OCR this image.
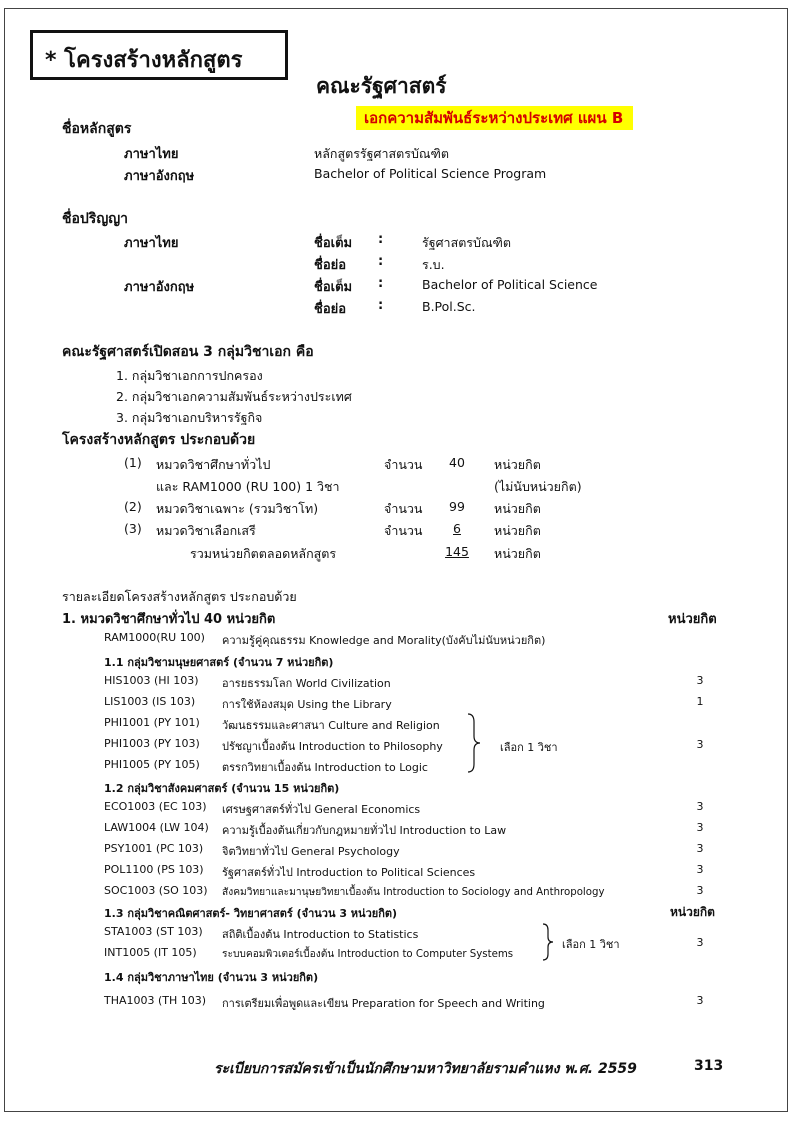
* โครงสร้างหลักสูตร
คณะรัฐศาสตร์
เอกความสัมพันธ์ระหว่างประเทศ แผน B
ชื่อหลักสูตร
ภาษาไทย	หลักสูตรรัฐศาสตรบัณฑิต
ภาษาอังกฤษ	Bachelor of Political Science Program
ชื่อปริญญา
ภาษาไทย	ชื่อเต็ม :	รัฐศาสตรบัณฑิต
ชื่อย่อ :	ร.บ.
ภาษาอังกฤษ	ชื่อเต็ม :	Bachelor of Political Science
ชื่อย่อ :	B.Pol.Sc.
คณะรัฐศาสตร์เปิดสอน 3 กลุ่มวิชาเอก คือ
1. กลุ่มวิชาเอกการปกครอง
2. กลุ่มวิชาเอกความสัมพันธ์ระหว่างประเทศ
3. กลุ่มวิชาเอกบริหารรัฐกิจ
โครงสร้างหลักสูตร ประกอบด้วย
(1) หมวดวิชาศึกษาทั่วไป	จำนวน	40	หน่วยกิต
และ RAM1000 (RU 100) 1 วิชา	(ไม่นับหน่วยกิต)
(2) หมวดวิชาเฉพาะ (รวมวิชาโท)	จำนวน	99	หน่วยกิต
(3) หมวดวิชาเลือกเสรี	จำนวน	6	หน่วยกิต
รวมหน่วยกิตตลอดหลักสูตร	145	หน่วยกิต
รายละเอียดโครงสร้างหลักสูตร ประกอบด้วย
1. หมวดวิชาศึกษาทั่วไป 40 หน่วยกิต	หน่วยกิต
RAM1000(RU 100) ความรู้คู่คุณธรรม Knowledge and Morality(บังคับไม่นับหน่วยกิต)
1.1 กลุ่มวิชามนุษยศาสตร์ (จำนวน 7 หน่วยกิต)
HIS1003 (HI 103) อารยธรรมโลก World Civilization	3
LIS1003 (IS 103) การใช้ห้องสมุด Using the Library	1
PHI1001 (PY 101) วัฒนธรรมและศาสนา Culture and Religion
PHI1003 (PY 103) ปรัชญาเบื้องต้น Introduction to Philosophy	3
PHI1005 (PY 105) ตรรกวิทยาเบื้องต้น Introduction to Logic
เลือก 1 วิชา
1.2 กลุ่มวิชาสังคมศาสตร์ (จำนวน 15 หน่วยกิต)
ECO1003 (EC 103) เศรษฐศาสตร์ทั่วไป General Economics	3
LAW1004 (LW 104) ความรู้เบื้องต้นเกี่ยวกับกฎหมายทั่วไป Introduction to Law	3
PSY1001 (PC 103) จิตวิทยาทั่วไป General Psychology	3
POL1100 (PS 103) รัฐศาสตร์ทั่วไป Introduction to Political Sciences	3
SOC1003 (SO 103) สังคมวิทยาและมานุษยวิทยาเบื้องต้น Introduction to Sociology and Anthropology	3
1.3 กลุ่มวิชาคณิตศาสตร์- วิทยาศาสตร์ (จำนวน 3 หน่วยกิต)	หน่วยกิต
STA1003 (ST 103) สถิติเบื้องต้น Introduction to Statistics
INT1005 (IT 105) ระบบคอมพิวเตอร์เบื้องต้น Introduction to Computer Systems
3
เลือก 1 วิชา
1.4 กลุ่มวิชาภาษาไทย (จำนวน 3 หน่วยกิต)
THA1003 (TH 103) การเตรียมเพื่อพูดและเขียน Preparation for Speech and Writing	3
ระเบียบการสมัครเข้าเป็นนักศึกษามหาวิทยาลัยรามคำแหง พ.ศ. 2559	313
